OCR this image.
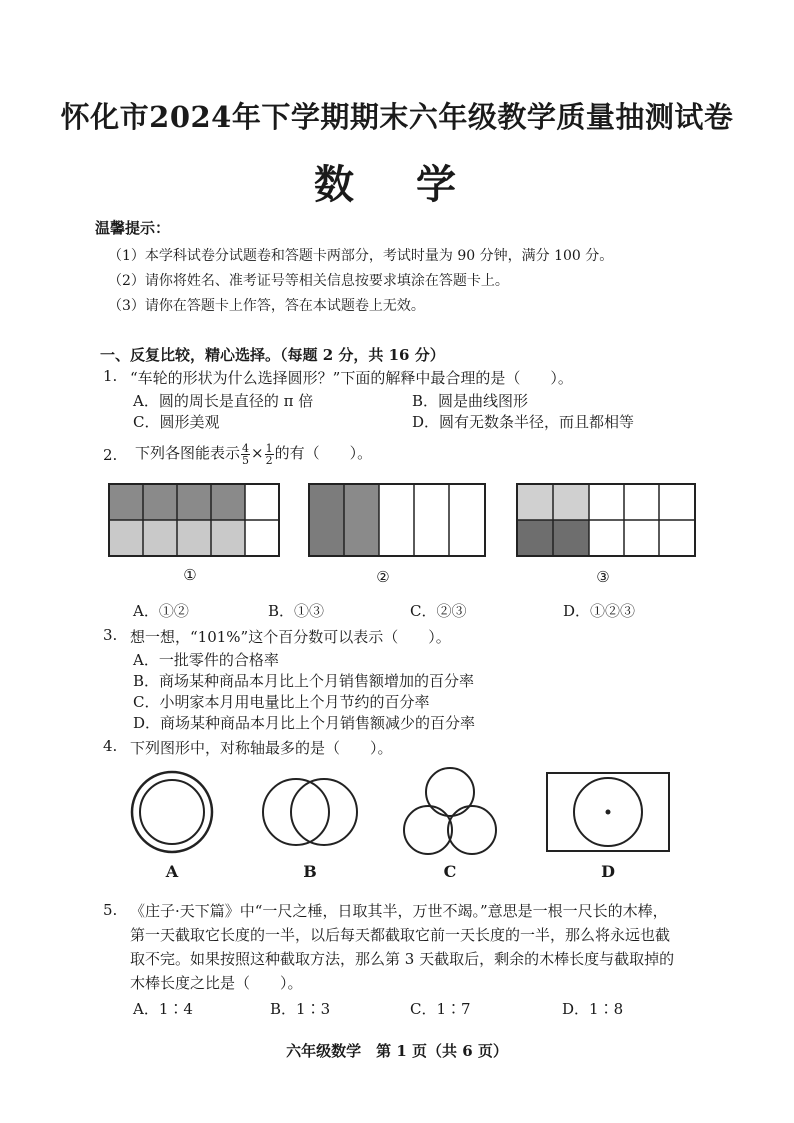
怀化市2024年下学期期末六年级教学质量抽测试卷
数 学
温馨提示：
（1）本学科试卷分试题卷和答题卡两部分，考试时量为 90 分钟，满分 100 分。
（2）请你将姓名、准考证号等相关信息按要求填涂在答题卡上。
（3）请你在答题卡上作答，答在本试题卷上无效。
一、反复比较，精心选择。（每题 2 分，共 16 分）
1. “车轮的形状为什么选择圆形？”下面的解释中最合理的是（　　）。
A．圆的周长是直径的 π 倍	B．圆是曲线图形
C．圆形美观	D．圆有无数条半径，而且都相等
2. 下列各图能表示 $\frac{4}{5} \times \frac{1}{2}$ 的有（　　）。
①	②	③
A．①②	B．①③	C．②③	D．①②③
3. 想一想，“101%”这个百分数可以表示（　　）。
A．一批零件的合格率
B．商场某种商品本月比上个月销售额增加的百分率
C．小明家本月用电量比上个月节约的百分率
D．商场某种商品本月比上个月销售额减少的百分率
4. 下列图形中，对称轴最多的是（　　）。
A	B	C	D
5. 《庄子·天下篇》中“一尺之棰，日取其半，万世不竭。”意思是一根一尺长的木棒，
第一天截取它长度的一半，以后每天都截取它前一天长度的一半，那么将永远也截
取不完。如果按照这种截取方法，那么第 3 天截取后，剩余的木棒长度与截取掉的
木棒长度之比是（　　）。
A．1∶4	B．1∶3	C．1∶7	D．1∶8
六年级数学　第 1 页（共 6 页）
